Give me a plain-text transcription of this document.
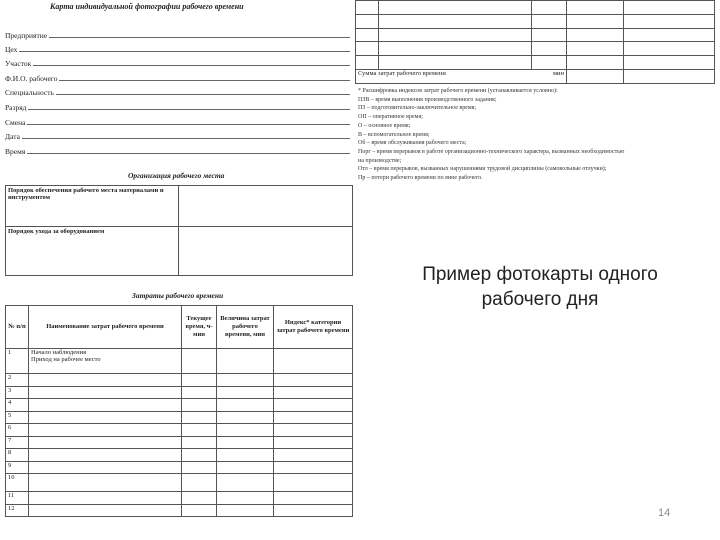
Карта индивидуальной фотографии рабочего времени
Предприятие
Цех
Участок
Ф.И.О. рабочего
Специальность
Разряд
Смена
Дата
Время
Организация рабочего места
Порядок обеспечения рабочего места материалами и инструментом	
Порядок ухода за оборудованием	
Затраты рабочего времени
№ п/п	Наименование затрат рабочего времени	Текущее время, ч-мин	Величина затрат рабочего времени, мин	Индекс* категории затрат рабочего времени
1	Начало наблюдения
Приход на рабочее место			
2				
3				
4				
5				
6				
7				
8				
9				
10				
11				
12				

Сумма затрат рабочего времени мин				

* Расшифровка индексов затрат рабочего времени (устанавливается условно):
ПЗВ – время выполнения производственного задания;
ПЗ – подготовительно-заключительное время;
ОП – оперативное время;
О – основное время;
В – вспомогательное время;
Об – время обслуживания рабочего места;
Порг – время перерывов в работе организационно-технического характера, вызванных необходимостью
на производстве;
Отл – время перерывов, вызванных нарушениями трудовой дисциплины (самовольные отлучки);
Пр – потери рабочего времени по вине рабочего.
Пример фотокарты одного
рабочего дня
14
